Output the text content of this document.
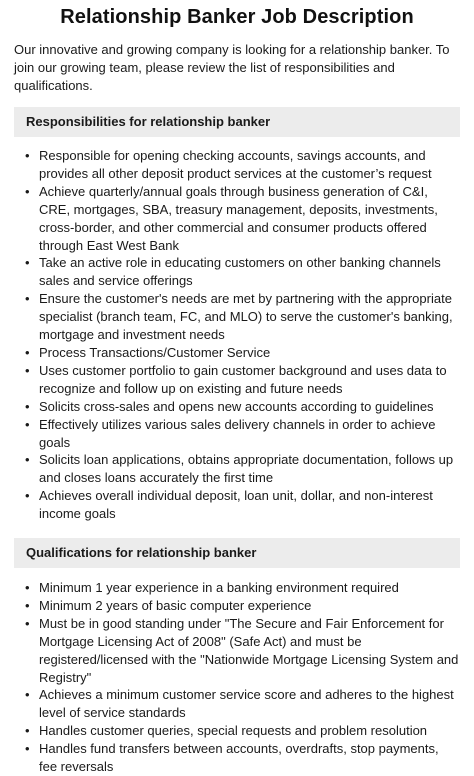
Relationship Banker Job Description

Our innovative and growing company is looking for a relationship banker. To join our growing team, please review the list of responsibilities and qualifications.

Responsibilities for relationship banker
• Responsible for opening checking accounts, savings accounts, and provides all other deposit product services at the customer’s request
• Achieve quarterly/annual goals through business generation of C&I, CRE, mortgages, SBA, treasury management, deposits, investments, cross-border, and other commercial and consumer products offered through East West Bank
• Take an active role in educating customers on other banking channels sales and service offerings
• Ensure the customer's needs are met by partnering with the appropriate specialist (branch team, FC, and MLO) to serve the customer's banking, mortgage and investment needs
• Process Transactions/Customer Service
• Uses customer portfolio to gain customer background and uses data to recognize and follow up on existing and future needs
• Solicits cross-sales and opens new accounts according to guidelines
• Effectively utilizes various sales delivery channels in order to achieve goals
• Solicits loan applications, obtains appropriate documentation, follows up and closes loans accurately the first time
• Achieves overall individual deposit, loan unit, dollar, and non-interest income goals
Qualifications for relationship banker
• Minimum 1 year experience in a banking environment required
• Minimum 2 years of basic computer experience
• Must be in good standing under "The Secure and Fair Enforcement for Mortgage Licensing Act of 2008" (Safe Act) and must be registered/licensed with the "Nationwide Mortgage Licensing System and Registry"
• Achieves a minimum customer service score and adheres to the highest level of service standards
• Handles customer queries, special requests and problem resolution
• Handles fund transfers between accounts, overdrafts, stop payments, fee reversals
